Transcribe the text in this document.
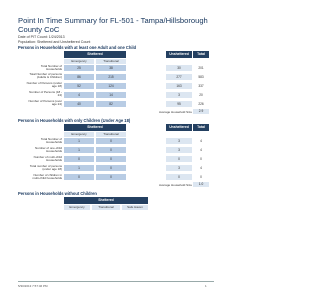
Point In Time Summary for FL-501 - Tampa/Hillsborough County CoC
Date of PIT Count: 1/24/2013
Population: Sheltered and Unsheltered Count
Persons in Households with at least one Adult and one Child
Sheltered	Unsheltered	Total
Emergency	Transitional
Total Number of Households	25	38	30	201
Total Number of persons (Adults & Children)	86	215	277	583
Number of Persons (under age 18)	52	124	163	337
Number of Persons (18 - 24)	4	14	3	20
Number of Persons (over age 24)	40	82	95	226
Average Household Size	2.9
Persons in Households with only Children (Under Age 18)
Sheltered	Unsheltered	Total
Emergency	Transitional
Total Number of Households	1	0	3	4
Number of one-child Households	1	0	3	4
Number of multi-child Households	0	0	0	0
Total number of persons (under age 18)	1	0	3	4
Number of children in multi-child households	0	0	0	0
Average Household Size	1.0
Persons in Households without Children
Sheltered
Emergency	Transitional	Safe Haven
5/30/2013 7:57:46 PM	1
